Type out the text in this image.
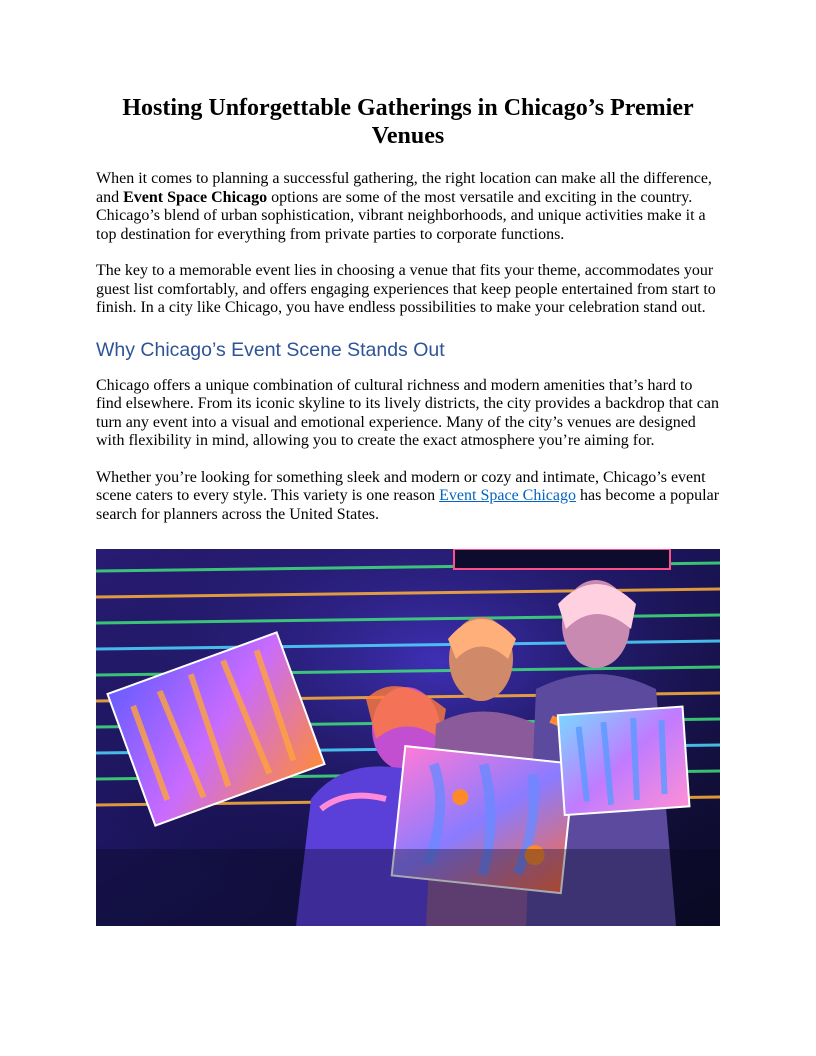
Hosting Unforgettable Gatherings in Chicago’s Premier Venues

When it comes to planning a successful gathering, the right location can make all the difference, and Event Space Chicago options are some of the most versatile and exciting in the country. Chicago’s blend of urban sophistication, vibrant neighborhoods, and unique activities make it a top destination for everything from private parties to corporate functions.

The key to a memorable event lies in choosing a venue that fits your theme, accommodates your guest list comfortably, and offers engaging experiences that keep people entertained from start to finish. In a city like Chicago, you have endless possibilities to make your celebration stand out.

Why Chicago’s Event Scene Stands Out

Chicago offers a unique combination of cultural richness and modern amenities that’s hard to find elsewhere. From its iconic skyline to its lively districts, the city provides a backdrop that can turn any event into a visual and emotional experience. Many of the city’s venues are designed with flexibility in mind, allowing you to create the exact atmosphere you’re aiming for.

Whether you’re looking for something sleek and modern or cozy and intimate, Chicago’s event scene caters to every style. This variety is one reason Event Space Chicago has become a popular search for planners across the United States.
